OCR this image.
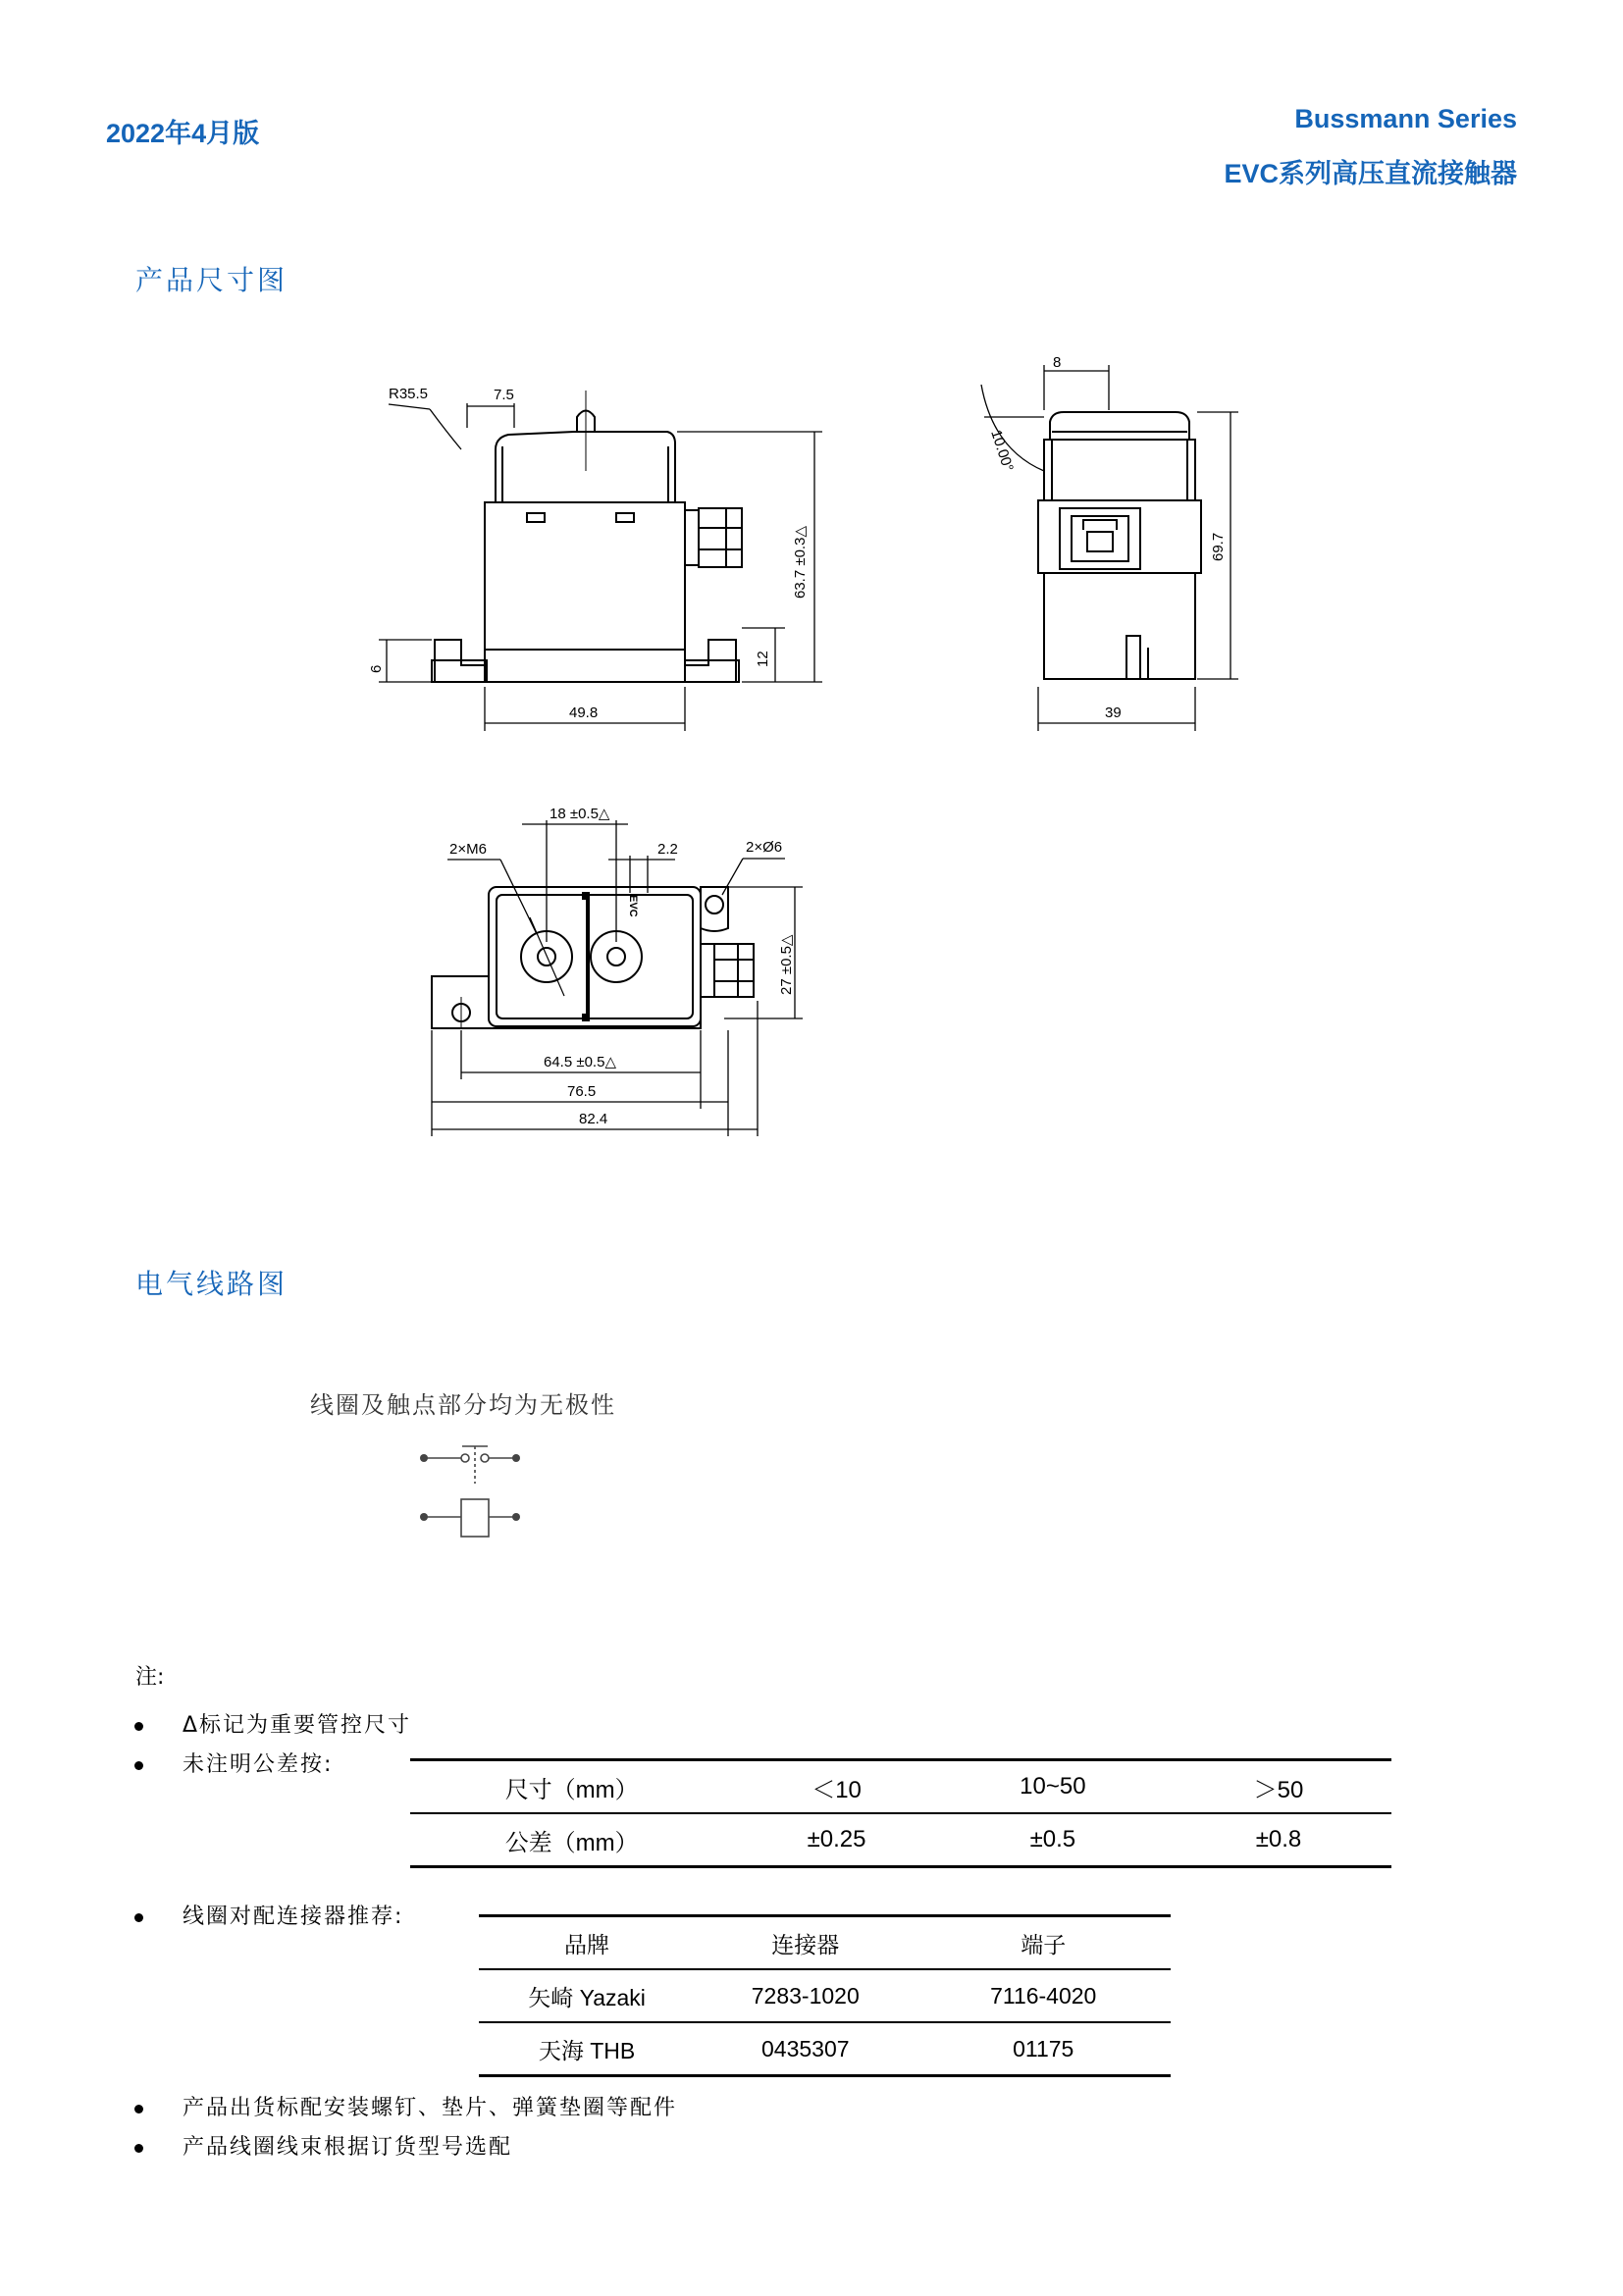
2022年4月版	Bussmann Series
EVC系列高压直流接触器
产品尺寸图
电气线路图
R35.5	7.5
63.7 ±0.3△
12
6
49.8
8
10.00°
69.7
39
2×M6
18 ±0.5△
2.2	2×Ø6
27 ±0.5△
64.5 ±0.5△
76.5
82.4
EVC
线圈及触点部分均为无极性
注:
Δ标记为重要管控尺寸
未注明公差按:
尺寸（mm）	＜10	10~50	＞50
公差（mm）	±0.25	±0.5	±0.8
线圈对配连接器推荐:
品牌	连接器	端子
矢崎 Yazaki	7283-1020	7116-4020
天海 THB	0435307	01175
产品出货标配安装螺钉、垫片、弹簧垫圈等配件
产品线圈线束根据订货型号选配
